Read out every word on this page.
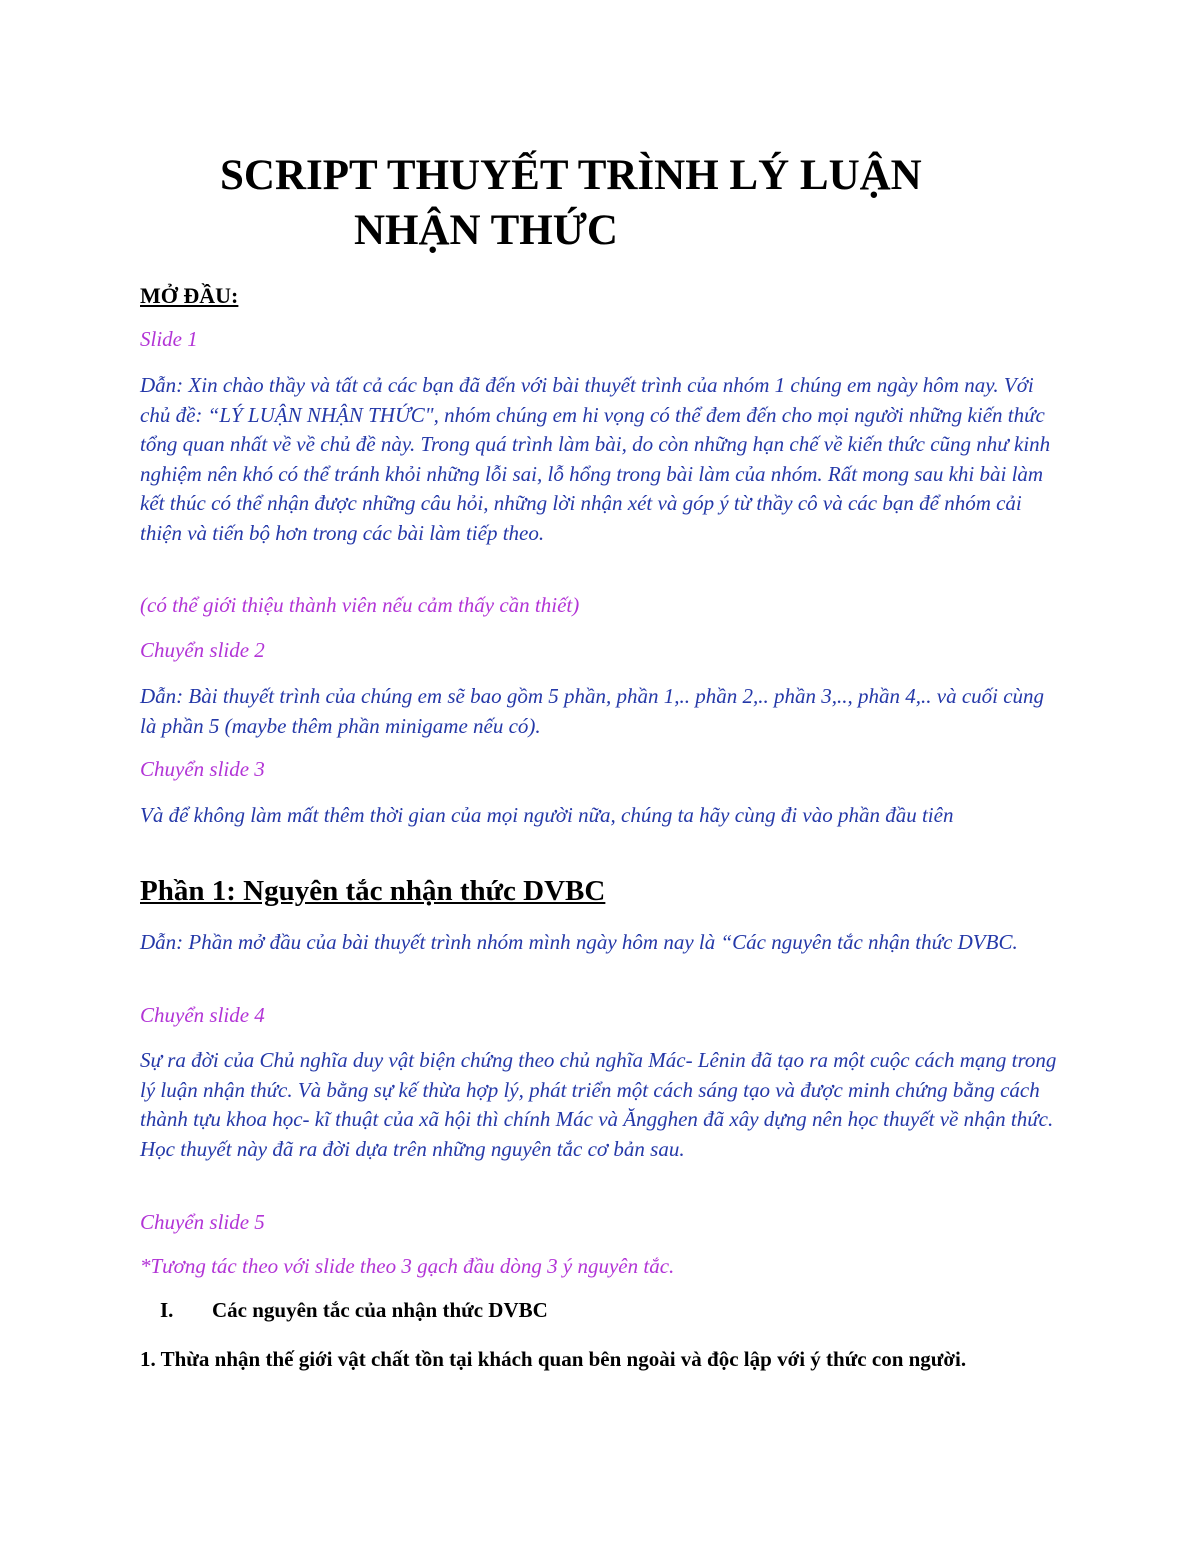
SCRIPT THUYẾT TRÌNH LÝ LUẬN
NHẬN THỨC

MỞ ĐẦU:

Slide 1

Dẫn: Xin chào thầy và tất cả các bạn đã đến với bài thuyết trình của nhóm 1 chúng em ngày hôm nay. Với chủ đề: “LÝ LUẬN NHẬN THỨC", nhóm chúng em hi vọng có thể đem đến cho mọi người những kiến thức tổng quan nhất về về chủ đề này. Trong quá trình làm bài, do còn những hạn chế về kiến thức cũng như kinh nghiệm nên khó có thể tránh khỏi những lỗi sai, lỗ hổng trong bài làm của nhóm. Rất mong sau khi bài làm kết thúc có thể nhận được những câu hỏi, những lời nhận xét và góp ý từ thầy cô và các bạn để nhóm cải thiện và tiến bộ hơn trong các bài làm tiếp theo.

(có thể giới thiệu thành viên nếu cảm thấy cần thiết)

Chuyển slide 2

Dẫn: Bài thuyết trình của chúng em sẽ bao gồm 5 phần, phần 1,.. phần 2,.. phần 3,.., phần 4,.. và cuối cùng là phần 5 (maybe thêm phần minigame nếu có).

Chuyển slide 3

Và để không làm mất thêm thời gian của mọi người nữa, chúng ta hãy cùng đi vào phần đầu tiên

Phần 1: Nguyên tắc nhận thức DVBC

Dẫn: Phần mở đầu của bài thuyết trình nhóm mình ngày hôm nay là “Các nguyên tắc nhận thức DVBC.

Chuyển slide 4

Sự ra đời của Chủ nghĩa duy vật biện chứng theo chủ nghĩa Mác- Lênin đã tạo ra một cuộc cách mạng trong lý luận nhận thức. Và bằng sự kế thừa hợp lý, phát triển một cách sáng tạo và được minh chứng bằng cách thành tựu khoa học- kĩ thuật của xã hội thì chính Mác và Ăngghen đã xây dựng nên học thuyết về nhận thức. Học thuyết này đã ra đời dựa trên những nguyên tắc cơ bản sau.

Chuyển slide 5

*Tương tác theo với slide theo 3 gạch đầu dòng 3 ý nguyên tắc.

I. Các nguyên tắc của nhận thức DVBC

1. Thừa nhận thế giới vật chất tồn tại khách quan bên ngoài và độc lập với ý thức con người.
